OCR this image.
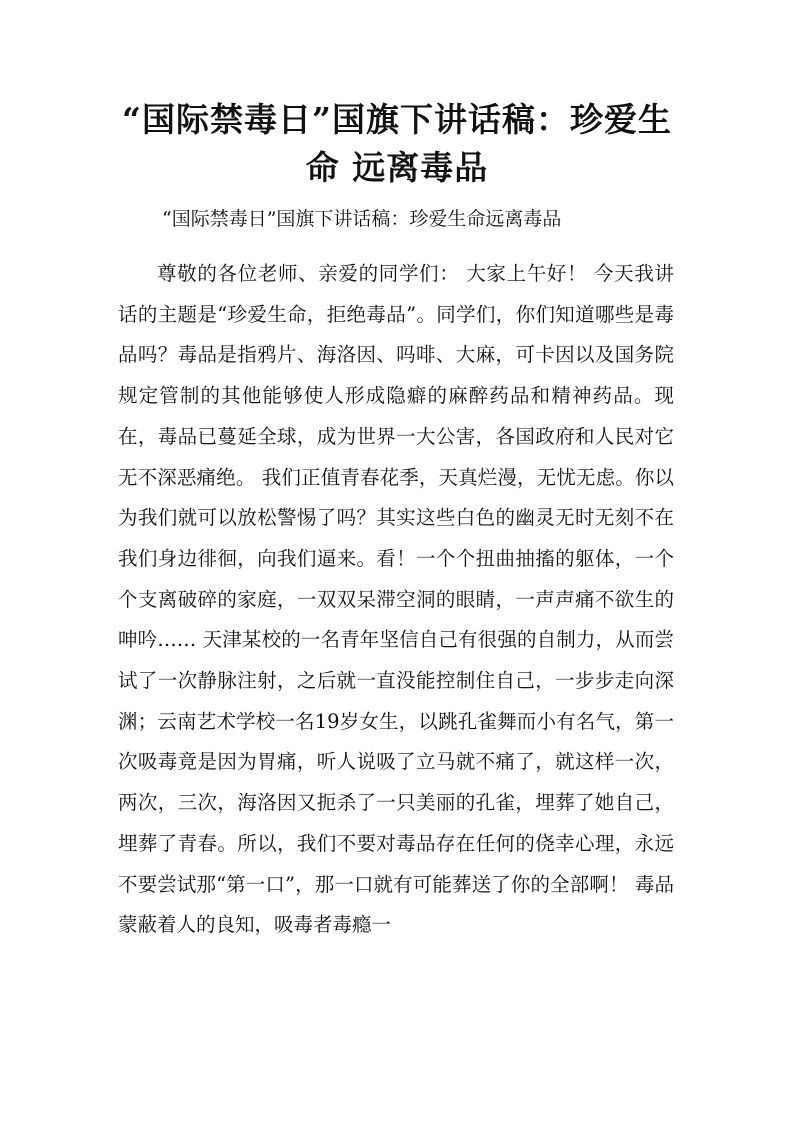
“国际禁毒日”国旗下讲话稿：珍爱生命 远离毒品

“国际禁毒日”国旗下讲话稿：珍爱生命远离毒品

尊敬的各位老师、亲爱的同学们： 大家上午好！ 今天我讲话的主题是“珍爱生命，拒绝毒品”。同学们，你们知道哪些是毒品吗？毒品是指鸦片、海洛因、吗啡、大麻，可卡因以及国务院规定管制的其他能够使人形成隐癖的麻醉药品和精神药品。现在，毒品已蔓延全球，成为世界一大公害，各国政府和人民对它无不深恶痛绝。 我们正值青春花季，天真烂漫，无忧无虑。你以为我们就可以放松警惕了吗？其实这些白色的幽灵无时无刻不在我们身边徘徊，向我们逼来。看！一个个扭曲抽搐的躯体，一个个支离破碎的家庭，一双双呆滞空洞的眼睛，一声声痛不欲生的呻吟…… 天津某校的一名青年坚信自己有很强的自制力，从而尝试了一次静脉注射，之后就一直没能控制住自己，一步步走向深渊；云南艺术学校一名19岁女生，以跳孔雀舞而小有名气，第一次吸毒竟是因为胃痛，听人说吸了立马就不痛了，就这样一次，两次，三次，海洛因又扼杀了一只美丽的孔雀，埋葬了她自己，埋葬了青春。所以，我们不要对毒品存在任何的侥幸心理，永远不要尝试那“第一口”，那一口就有可能葬送了你的全部啊！ 毒品蒙蔽着人的良知，吸毒者毒瘾一
